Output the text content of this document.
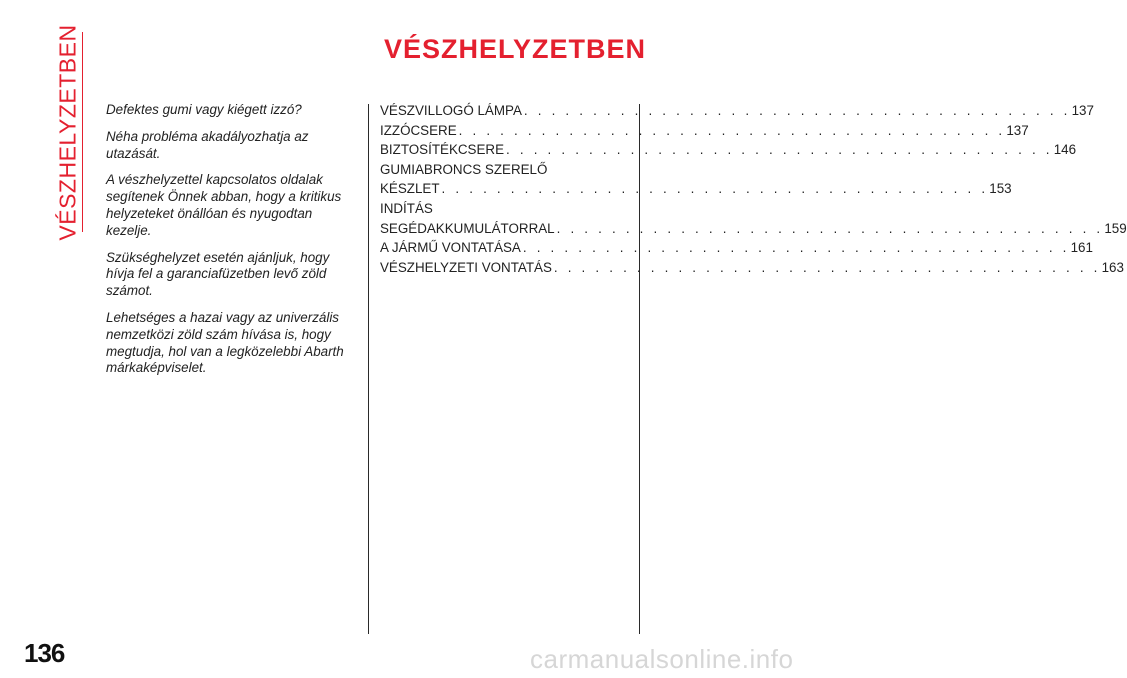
VÉSZHELYZETBEN	VÉSZHELYZETBEN

Defektes gumi vagy kiégett izzó?

Néha probléma akadályozhatja az utazását.

A vészhelyzettel kapcsolatos oldalak segítenek Önnek abban, hogy a kritikus helyzeteket önállóan és nyugodtan kezelje.

Szükséghelyzet esetén ajánljuk, hogy hívja fel a garanciafüzetben levő zöld számot.

Lehetséges a hazai vagy az univerzális nemzetközi zöld szám hívása is, hogy megtudja, hol van a legközelebbi Abarth márkaképviselet.

VÉSZVILLOGÓ LÁMPA . . . . . . . . . . . . . . . . . . . . . . . . . . . . . . . . . . . . . . . . 137
IZZÓCSERE . . . . . . . . . . . . . . . . . . . . . . . . . . . . . . . . . . . . . . . . 137
BIZTOSÍTÉKCSERE . . . . . . . . . . . . . . . . . . . . . . . . . . . . . . . . . . . . . . . . 146
GUMIABRONCS SZERELŐ
KÉSZLET . . . . . . . . . . . . . . . . . . . . . . . . . . . . . . . . . . . . . . . . 153
INDÍTÁS
SEGÉDAKKUMULÁTORRAL . . . . . . . . . . . . . . . . . . . . . . . . . . . . . . . . . . . . . . . . 159
A JÁRMŰ VONTATÁSA . . . . . . . . . . . . . . . . . . . . . . . . . . . . . . . . . . . . . . . . 161
VÉSZHELYZETI VONTATÁS . . . . . . . . . . . . . . . . . . . . . . . . . . . . . . . . . . . . . . . . 163
136	carmanualsonline.info
